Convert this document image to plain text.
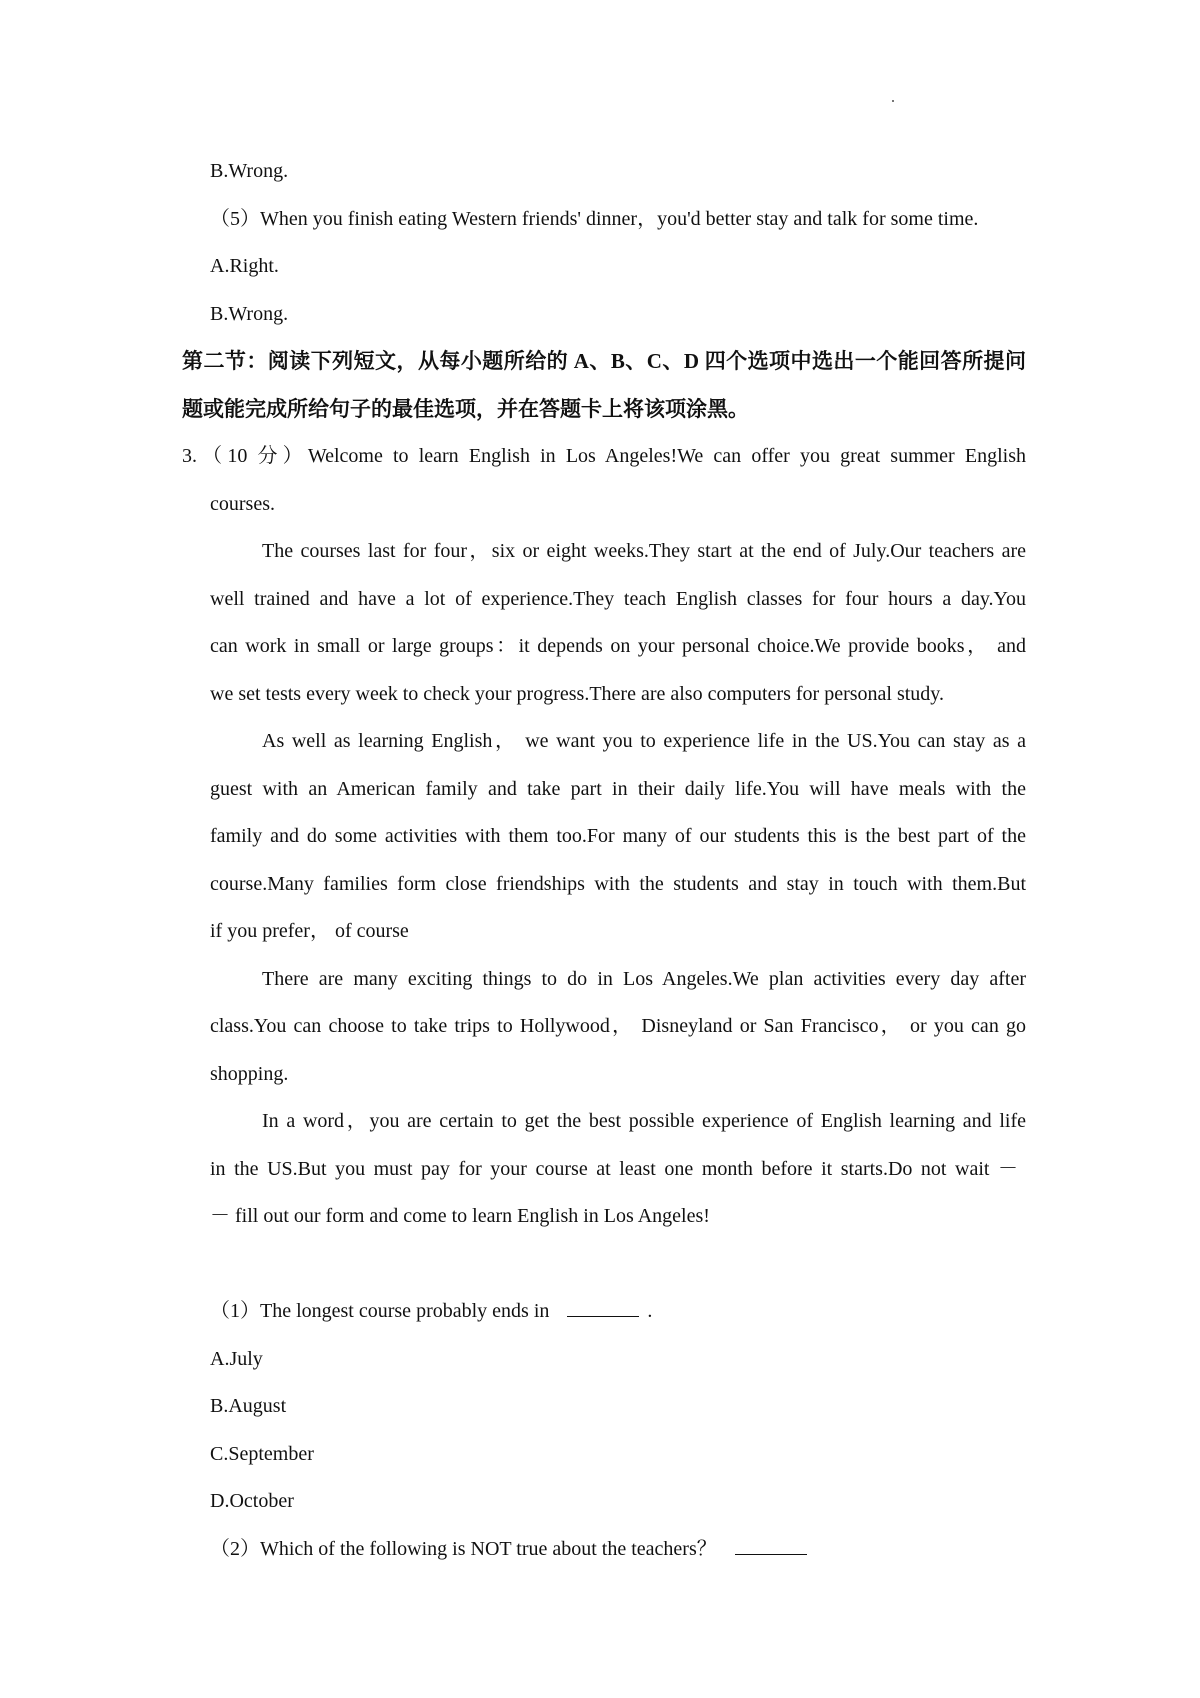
B.Wrong.
（5）When you finish eating Western friends' dinner，you'd better stay and talk for some time.
A.Right.
B.Wrong.
第二节：阅读下列短文，从每小题所给的 A、B、C、D 四个选项中选出一个能回答所提问
题或能完成所给句子的最佳选项，并在答题卡上将该项涂黑。
3.（10 分）Welcome to learn English in Los Angeles!We can offer you great summer English
courses.
The courses last for four，six or eight weeks.They start at the end of July.Our teachers are
well trained and have a lot of experience.They teach English classes for four hours a day.You
can work in small or large groups：it depends on your personal choice.We provide books， and
we set tests every week to check your progress.There are also computers for personal study.
As well as learning English， we want you to experience life in the US.You can stay as a
guest with an American family and take part in their daily life.You will have meals with the
family and do some activities with them too.For many of our students this is the best part of the
course.Many families form close friendships with the students and stay in touch with them.But
if you prefer， of course
There are many exciting things to do in Los Angeles.We plan activities every day after
class.You can choose to take trips to Hollywood， Disneyland or San Francisco， or you can go
shopping.
In a word，you are certain to get the best possible experience of English learning and life
in the US.But you must pay for your course at least one month before it starts.Do not wait －
－ fill out our form and come to learn English in Los Angeles!
（1）The longest course probably ends in	.
A.July
B.August
C.September
D.October
（2）Which of the following is NOT true about the teachers？
